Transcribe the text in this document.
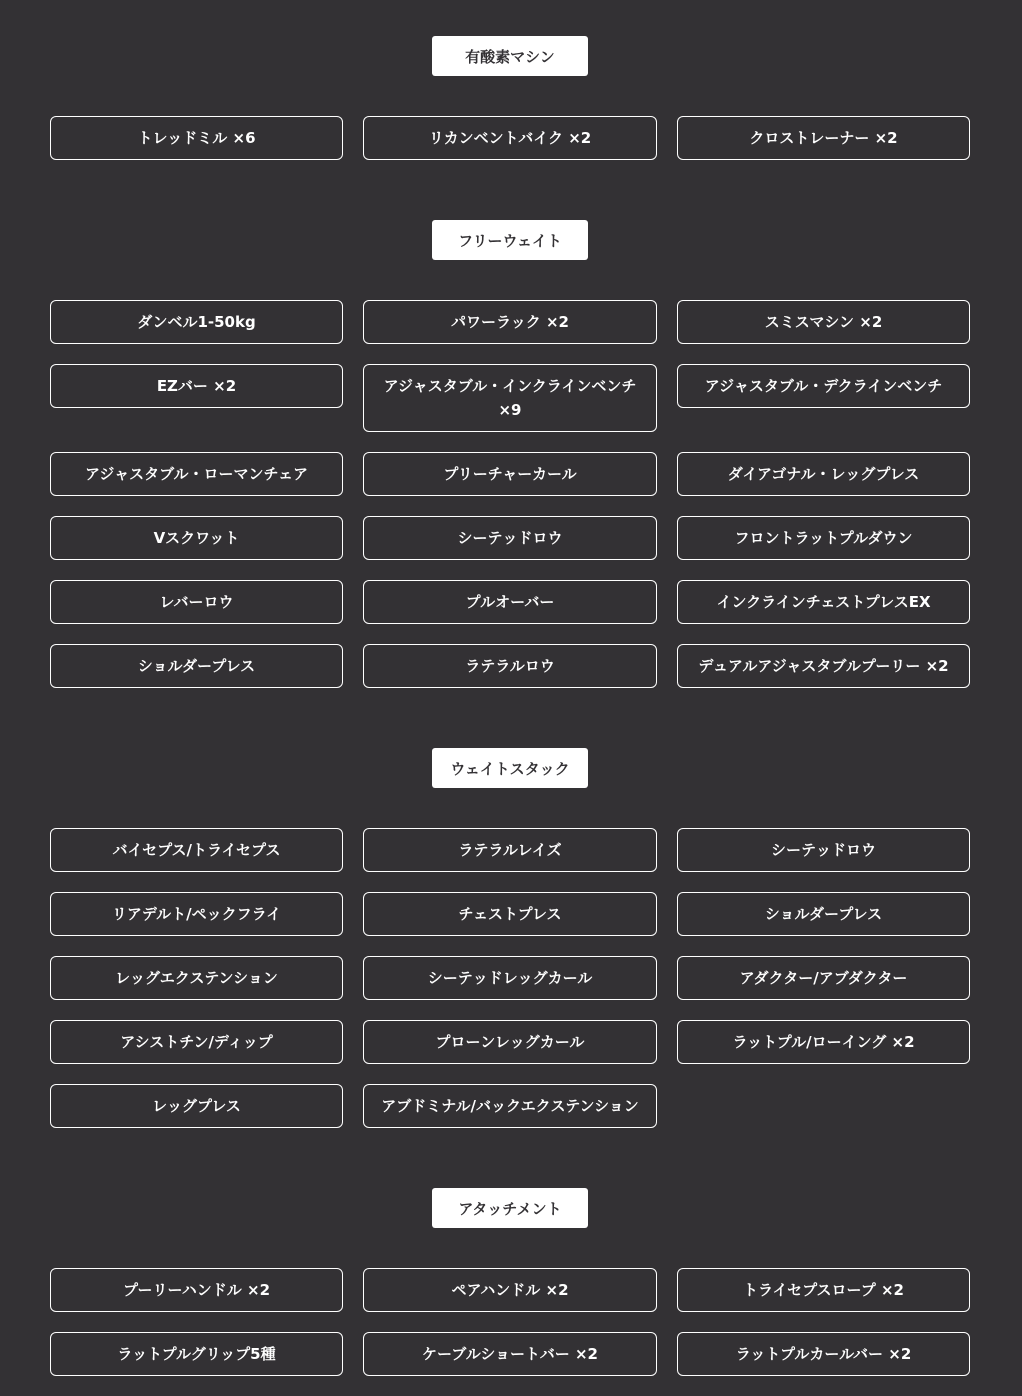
有酸素マシン
トレッドミル ×6	リカンベントバイク ×2	クロストレーナー ×2
フリーウェイト
ダンベル1-50kg	パワーラック ×2	スミスマシン ×2
EZバー ×2	アジャスタブル・インクラインベンチ ×9
アジャスタブル・デクラインベンチ
アジャスタブル・ローマンチェア	プリーチャーカール	ダイアゴナル・レッグプレス
Vスクワット	シーテッドロウ	フロントラットプルダウン
レバーロウ	プルオーバー	インクラインチェストプレスEX
ショルダープレス	ラテラルロウ	デュアルアジャスタブルプーリー ×2
ウェイトスタック
バイセプス/トライセプス	ラテラルレイズ	シーテッドロウ
リアデルト/ペックフライ	チェストプレス	ショルダープレス
レッグエクステンション	シーテッドレッグカール	アダクター/アブダクター
アシストチン/ディップ	プローンレッグカール	ラットプル/ローイング ×2
レッグプレス	アブドミナル/バックエクステンション
アタッチメント
プーリーハンドル ×2	ペアハンドル ×2	トライセプスロープ ×2
ラットプルグリップ5種	ケーブルショートバー ×2	ラットプルカールバー ×2
